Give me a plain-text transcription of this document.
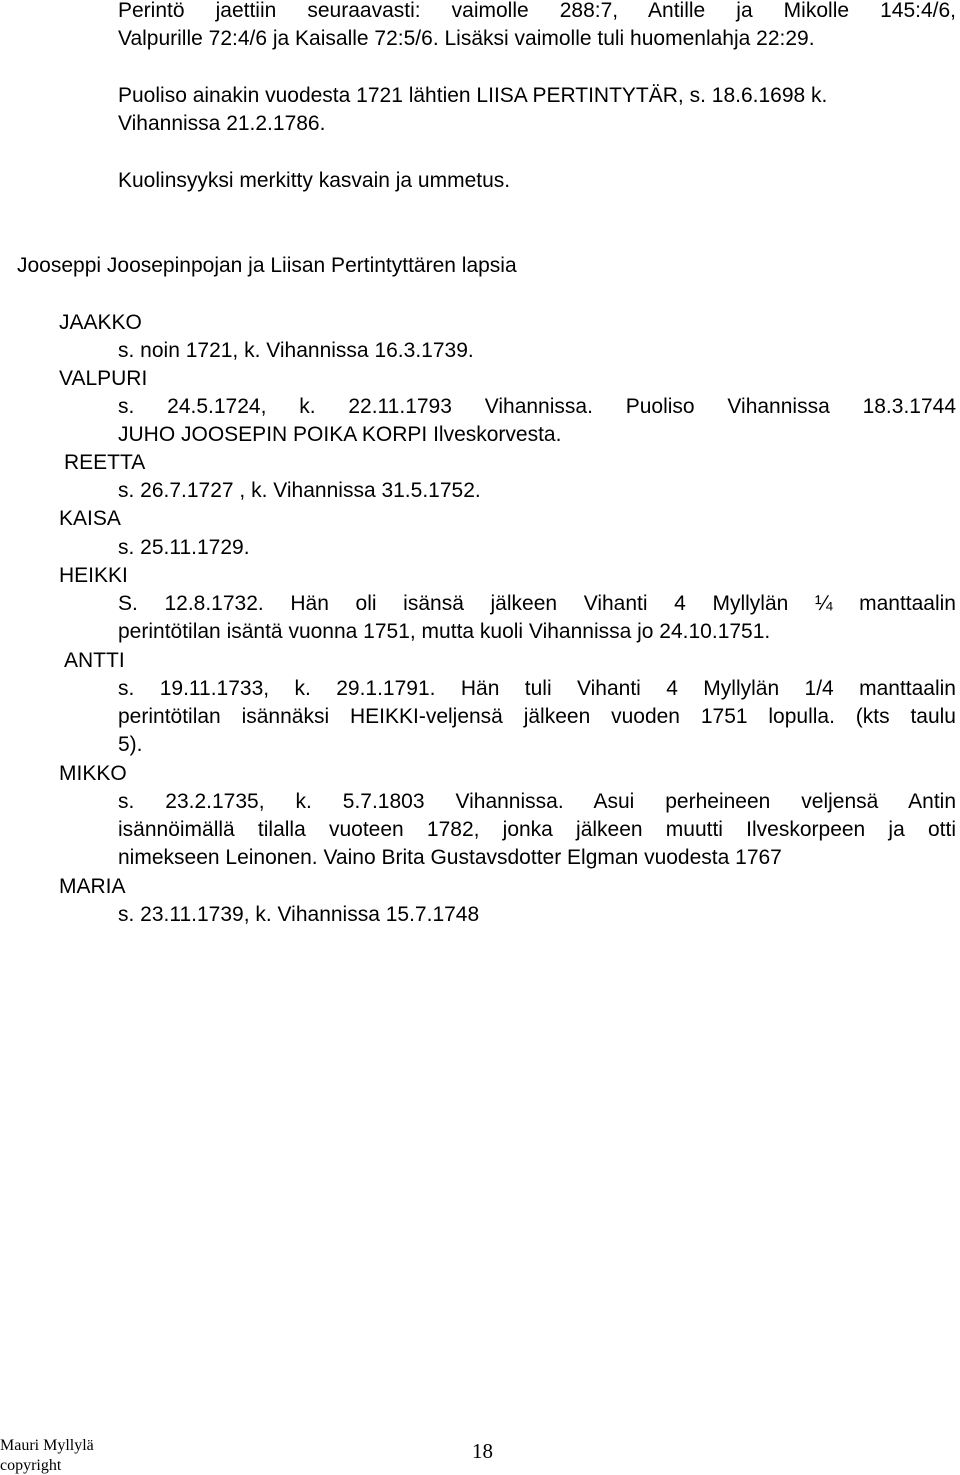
Perintö jaettiin seuraavasti: vaimolle 288:7, Antille ja Mikolle 145:4/6,
Valpurille 72:4/6 ja Kaisalle 72:5/6. Lisäksi vaimolle tuli huomenlahja 22:29.
Puoliso ainakin vuodesta 1721 lähtien LIISA PERTINTYTÄR, s. 18.6.1698 k.
Vihannissa 21.2.1786.
Kuolinsyyksi merkitty kasvain ja ummetus.
Jooseppi Joosepinpojan ja Liisan Pertintyttären lapsia
JAAKKO
s. noin 1721, k. Vihannissa 16.3.1739.
VALPURI
s. 24.5.1724, k. 22.11.1793 Vihannissa. Puoliso Vihannissa 18.3.1744
JUHO JOOSEPIN POIKA KORPI Ilveskorvesta.
REETTA
s. 26.7.1727 , k. Vihannissa 31.5.1752.
KAISA
s. 25.11.1729.
HEIKKI
S. 12.8.1732. Hän oli isänsä jälkeen Vihanti 4 Myllylän ¼ manttaalin
perintötilan isäntä vuonna 1751, mutta kuoli Vihannissa jo 24.10.1751.
ANTTI
s. 19.11.1733, k. 29.1.1791. Hän tuli Vihanti 4 Myllylän 1/4 manttaalin
perintötilan isännäksi HEIKKI-veljensä jälkeen vuoden 1751 lopulla. (kts taulu
5).
MIKKO
s. 23.2.1735, k. 5.7.1803 Vihannissa. Asui perheineen veljensä Antin
isännöimällä tilalla vuoteen 1782, jonka jälkeen muutti Ilveskorpeen ja otti
nimekseen Leinonen. Vaino Brita Gustavsdotter Elgman vuodesta 1767
MARIA
s. 23.11.1739, k. Vihannissa 15.7.1748
Mauri Myllylä
copyright
18
